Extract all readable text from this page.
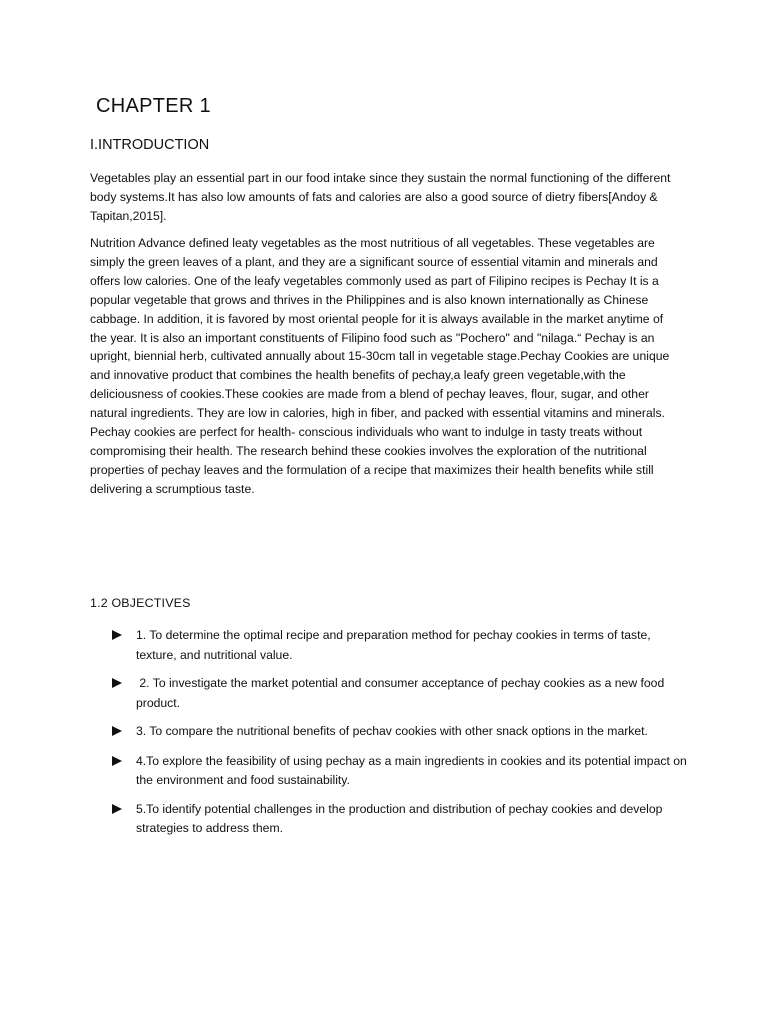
CHAPTER 1
I.INTRODUCTION

Vegetables play an essential part in our food intake since they sustain the normal functioning of the different body systems.It has also low amounts of fats and calories are also a good source of dietry fibers[Andoy & Tapitan,2015].

Nutrition Advance defined leaty vegetables as the most nutritious of all vegetables. These vegetables are simply the green leaves of a plant, and they are a significant source of essential vitamin and minerals and offers low calories. One of the leafy vegetables commonly used as part of Filipino recipes is Pechay It is a popular vegetable that grows and thrives in the Philippines and is also known internationally as Chinese cabbage. In addition, it is favored by most oriental people for it is always available in the market anytime of the year. It is also an important constituents of Filipino food such as "Pochero" and "nilaga.“ Pechay is an upright, biennial herb, cultivated annually about 15-30cm tall in vegetable stage.Pechay Cookies are unique and innovative product that combines the health benefits of pechay,a leafy green vegetable,with the deliciousness of cookies.These cookies are made from a blend of pechay leaves, flour, sugar, and other natural ingredients. They are low in calories, high in fiber, and packed with essential vitamins and minerals. Pechay cookies are perfect for health- conscious individuals who want to indulge in tasty treats without compromising their health. The research behind these cookies involves the exploration of the nutritional properties of pechay leaves and the formulation of a recipe that maximizes their health benefits while still delivering a scrumptious taste.

1.2 OBJECTIVES
1. To determine the optimal recipe and preparation method for pechay cookies in terms of taste, texture, and nutritional value.
2. To investigate the market potential and consumer acceptance of pechay cookies as a new food product.
3. To compare the nutritional benefits of pechav cookies with other snack options in the market.
4.To explore the feasibility of using pechay as a main ingredients in cookies and its potential impact on the environment and food sustainability.
5.To identify potential challenges in the production and distribution of pechay cookies and develop strategies to address them.
